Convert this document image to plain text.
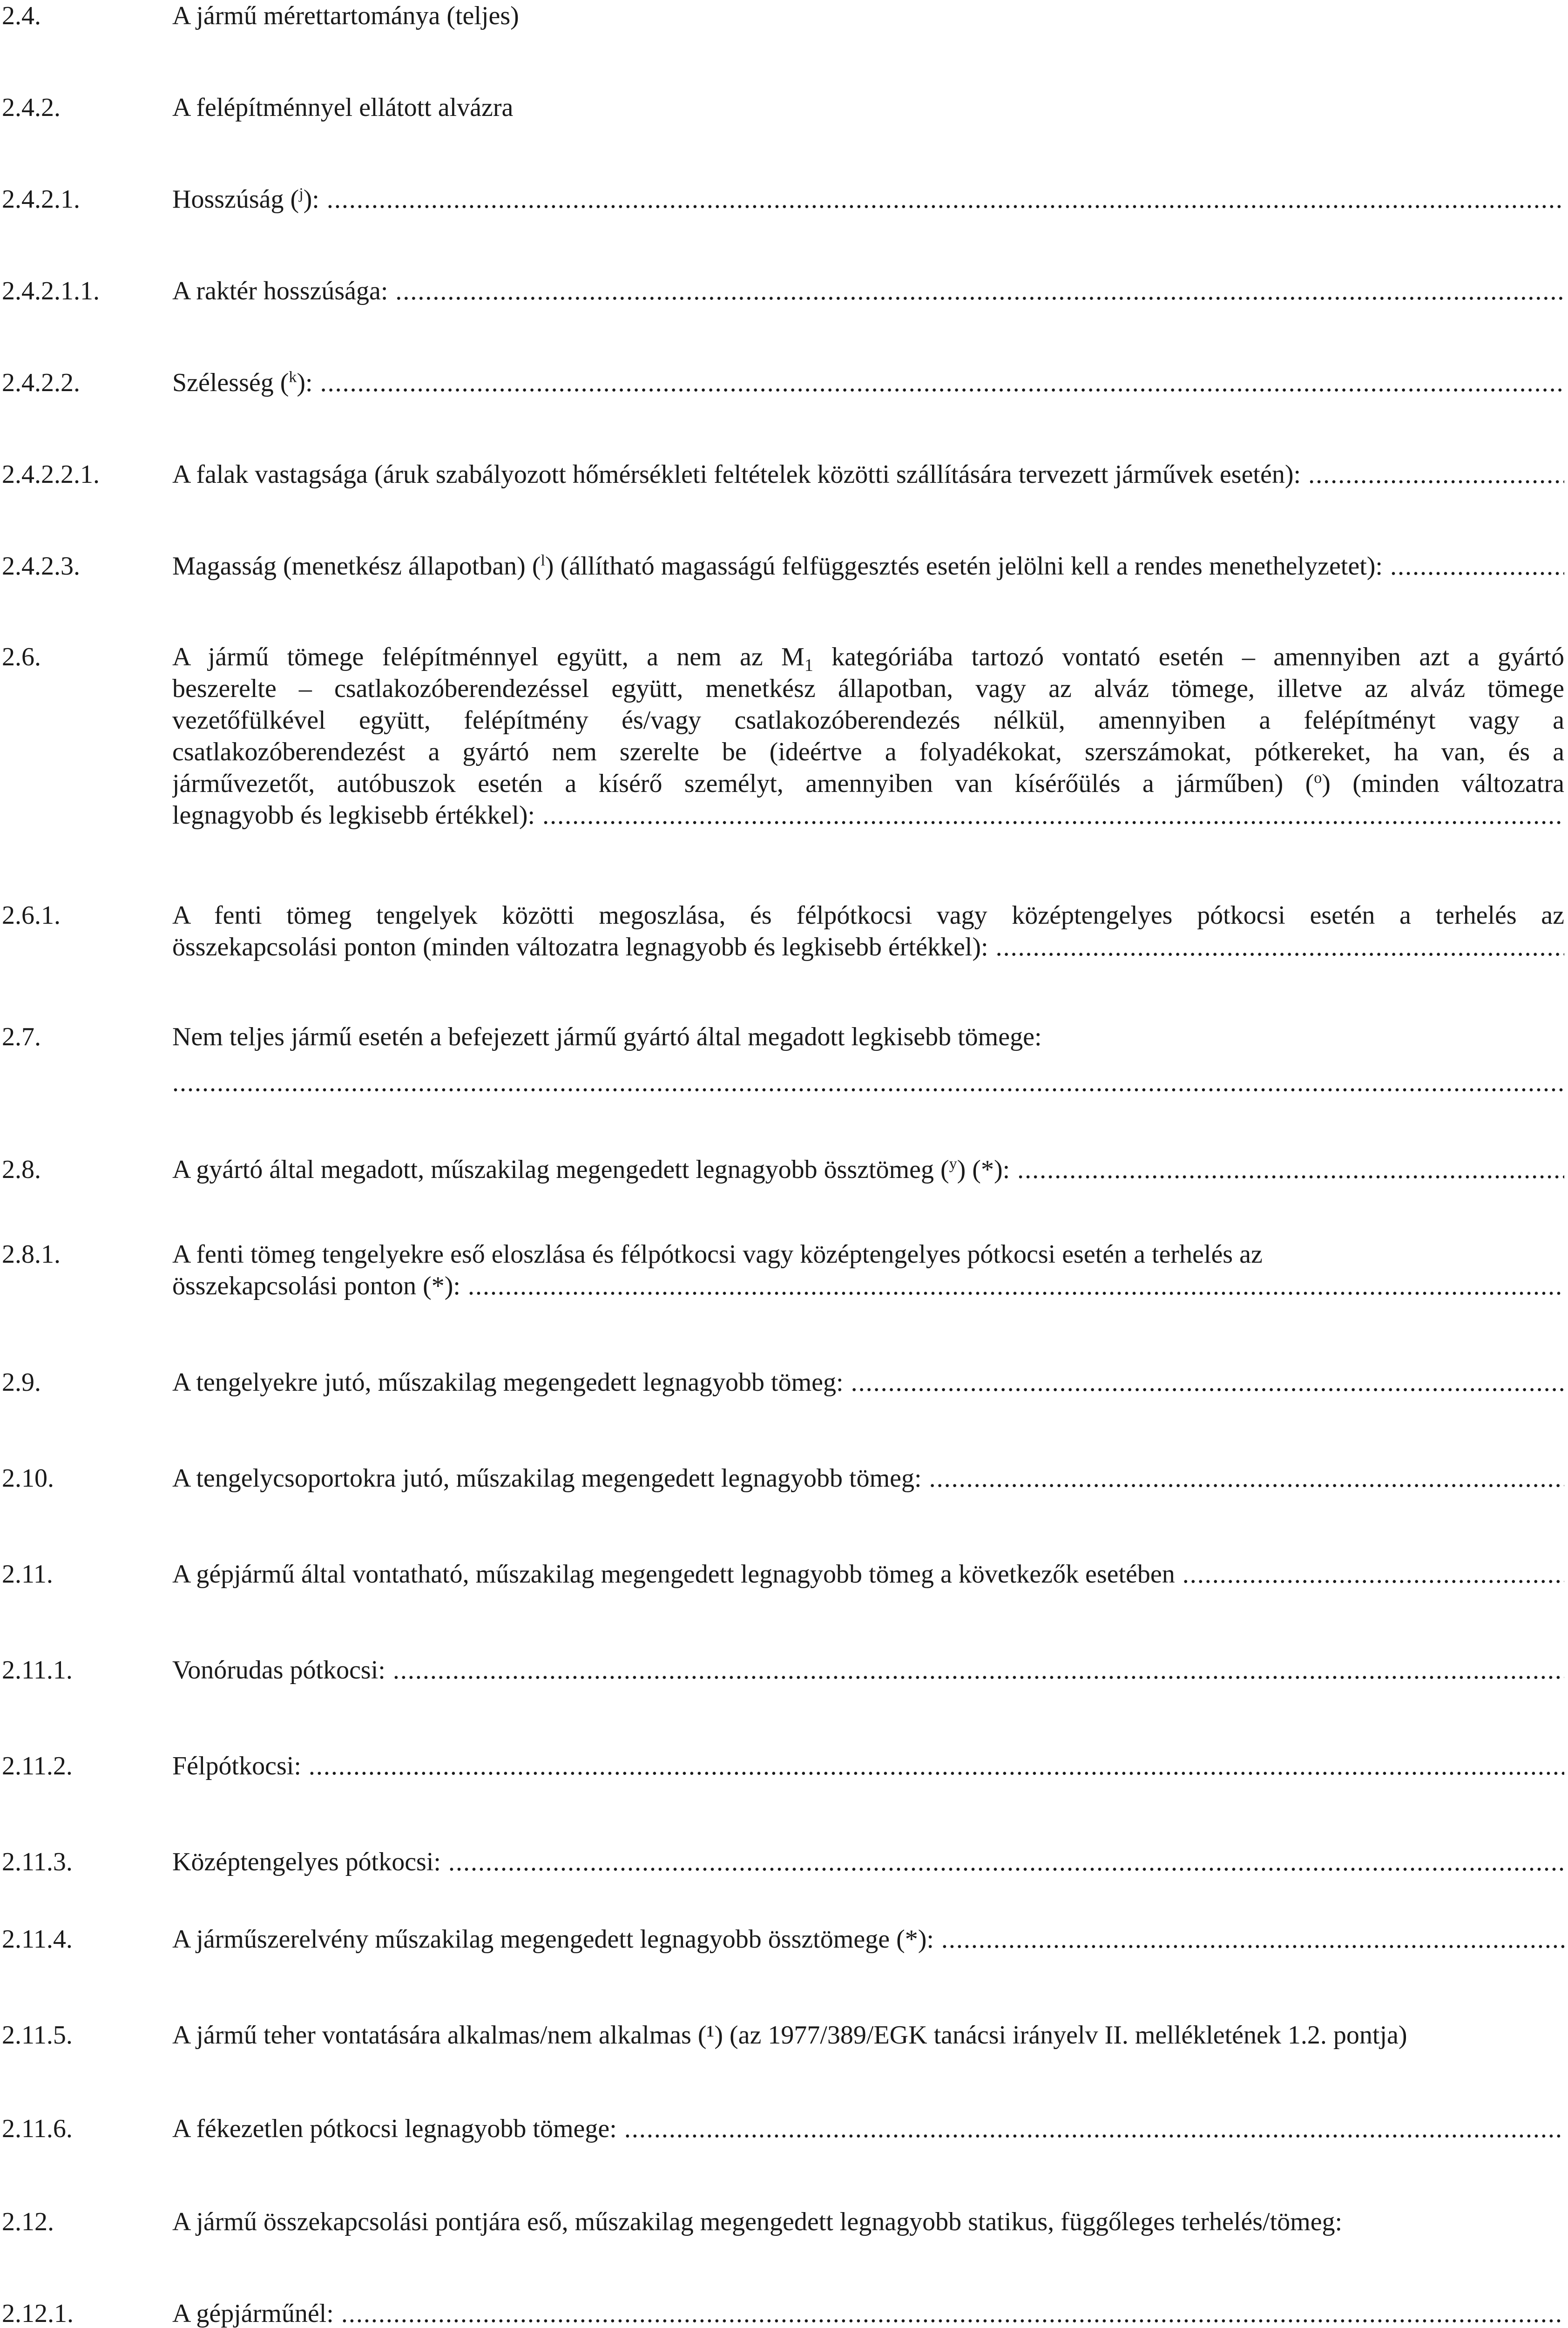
2.4.	A jármű mérettartománya (teljes)
2.4.2.	A felépítménnyel ellátott alvázra
2.4.2.1.	Hosszúság ($^j$): .....
2.4.2.1.1.	A raktér hosszúsága: .....
2.4.2.2.	Szélesség ($^k$): .....
2.4.2.2.1.	A falak vastagsága (áruk szabályozott hőmérsékleti feltételek közötti szállítására tervezett járművek esetén): .....
2.4.2.3.	Magasság (menetkész állapotban) ($^l$) (állítható magasságú felfüggesztés esetén jelölni kell a rendes menethelyzetet): .....
2.6.	A jármű tömege felépítménnyel együtt, a nem az $M_1$ kategóriába tartozó vontató esetén – amennyiben azt a gyártó
beszerelte – csatlakozóberendezéssel együtt, menetkész állapotban, vagy az alváz tömege, illetve az alváz tömege
vezetőfülkével együtt, felépítmény és/vagy csatlakozóberendezés nélkül, amennyiben a felépítményt vagy a
csatlakozóberendezést a gyártó nem szerelte be (ideértve a folyadékokat, szerszámokat, pótkereket, ha van, és a
járművezetőt, autóbuszok esetén a kísérő személyt, amennyiben van kísérőülés a járműben) ($^o$) (minden változatra
legnagyobb és legkisebb értékkel): .....
2.6.1.	A fenti tömeg tengelyek közötti megoszlása, és félpótkocsi vagy középtengelyes pótkocsi esetén a terhelés az
összekapcsolási ponton (minden változatra legnagyobb és legkisebb értékkel): .....
2.7.	Nem teljes jármű esetén a befejezett jármű gyártó által megadott legkisebb tömege:
.....
2.8.	A gyártó által megadott, műszakilag megengedett legnagyobb össztömeg ($^y$) (*): .....
2.8.1.	A fenti tömeg tengelyekre eső eloszlása és félpótkocsi vagy középtengelyes pótkocsi esetén a terhelés az
összekapcsolási ponton (*): .....
2.9.	A tengelyekre jutó, műszakilag megengedett legnagyobb tömeg: .....
2.10.	A tengelycsoportokra jutó, műszakilag megengedett legnagyobb tömeg: .....
2.11.	A gépjármű által vontatható, műszakilag megengedett legnagyobb tömeg a következők esetében .....
2.11.1.	Vonórudas pótkocsi: .....
2.11.2.	Félpótkocsi: .....
2.11.3.	Középtengelyes pótkocsi: .....
2.11.4.	A járműszerelvény műszakilag megengedett legnagyobb össztömege (*): .....
2.11.5.	A jármű teher vontatására alkalmas/nem alkalmas (¹) (az 1977/389/EGK tanácsi irányelv II. mellékletének 1.2. pontja)
2.11.6.	A fékezetlen pótkocsi legnagyobb tömege: .....
2.12.	A jármű összekapcsolási pontjára eső, műszakilag megengedett legnagyobb statikus, függőleges terhelés/tömeg:
2.12.1.	A gépjárműnél: .....
